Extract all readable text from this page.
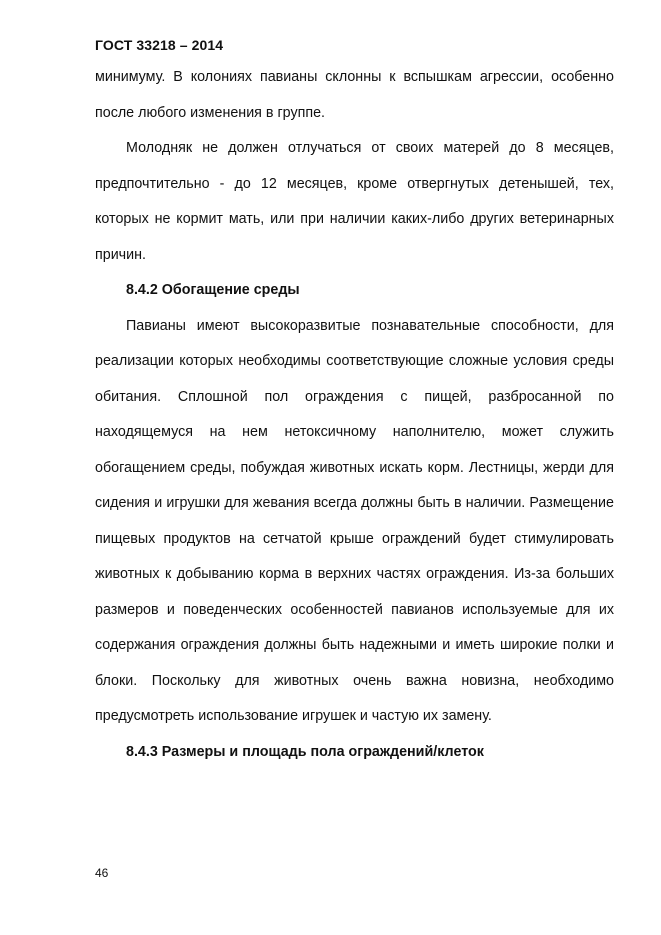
ГОСТ 33218 – 2014

минимуму. В колониях павианы склонны к вспышкам агрессии, особенно после любого изменения в группе.

Молодняк не должен отлучаться от своих матерей до 8 месяцев, предпочтительно - до 12 месяцев, кроме отвергнутых детенышей, тех, которых не кормит мать, или при наличии каких-либо других ветеринарных причин.

8.4.2 Обогащение среды

Павианы имеют высокоразвитые познавательные способности, для реализации которых необходимы соответствующие сложные условия среды обитания. Сплошной пол ограждения с пищей, разбросанной по находящемуся на нем нетоксичному наполнителю, может служить обогащением среды, побуждая животных искать корм. Лестницы, жерди для сидения и игрушки для жевания всегда должны быть в наличии. Размещение пищевых продуктов на сетчатой крыше ограждений будет стимулировать животных к добыванию корма в верхних частях ограждения. Из-за больших размеров и поведенческих особенностей павианов используемые для их содержания ограждения должны быть надежными и иметь широкие полки и блоки. Поскольку для животных очень важна новизна, необходимо предусмотреть использование игрушек и частую их замену.

8.4.3 Размеры и площадь пола ограждений/клеток

46
